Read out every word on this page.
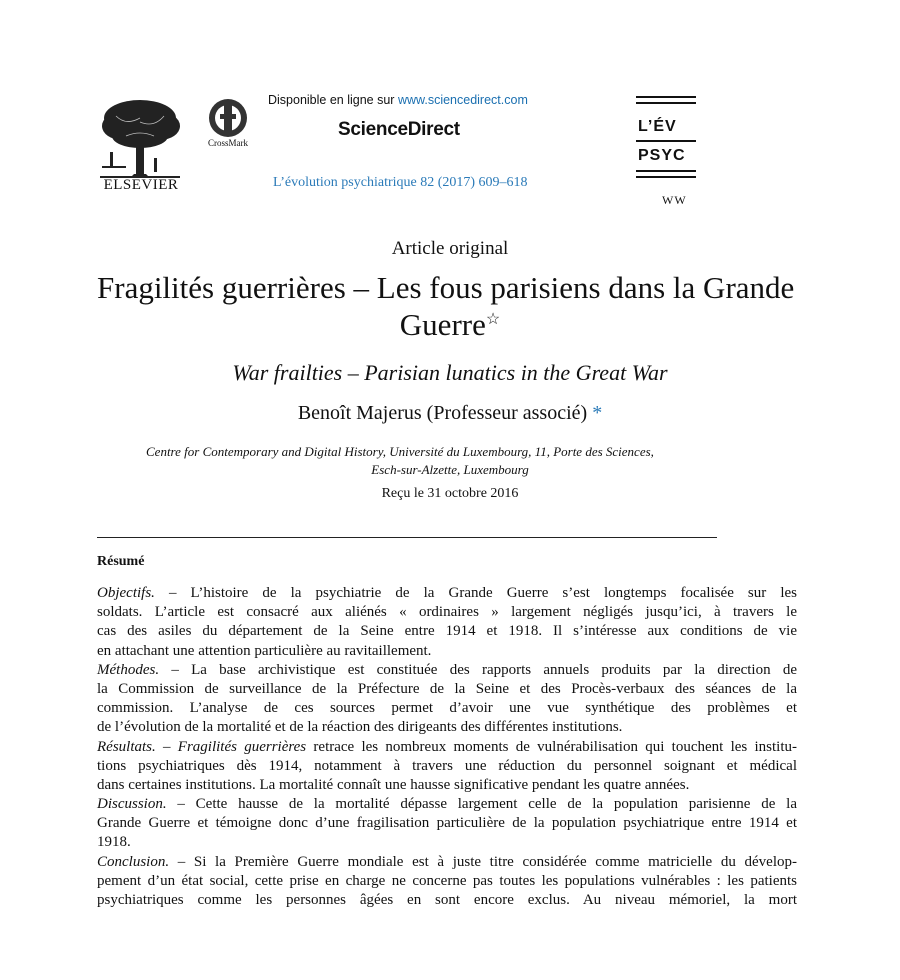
ELSEVIER
CrossMark
Disponible en ligne sur www.sciencedirect.com
ScienceDirect
L’évolution psychiatrique 82 (2017) 609–618
L’ÉV
PSYC
WW
Article original
Fragilités guerrières – Les fous parisiens dans la Grande
Guerre☆
War frailties – Parisian lunatics in the Great War
Benoît Majerus (Professeur associé) *
Centre for Contemporary and Digital History, Université du Luxembourg, 11, Porte des Sciences,
Esch-sur-Alzette, Luxembourg
Reçu le 31 octobre 2016
Résumé
Objectifs. – L’histoire de la psychiatrie de la Grande Guerre s’est longtemps focalisée sur les
soldats. L’article est consacré aux aliénés « ordinaires » largement négligés jusqu’ici, à travers le
cas des asiles du département de la Seine entre 1914 et 1918. Il s’intéresse aux conditions de vie
en attachant une attention particulière au ravitaillement.
Méthodes. – La base archivistique est constituée des rapports annuels produits par la direction de
la Commission de surveillance de la Préfecture de la Seine et des Procès-verbaux des séances de la
commission. L’analyse de ces sources permet d’avoir une vue synthétique des problèmes et
de l’évolution de la mortalité et de la réaction des dirigeants des différentes institutions.
Résultats. – Fragilités guerrières retrace les nombreux moments de vulnérabilisation qui touchent les institu-
tions psychiatriques dès 1914, notamment à travers une réduction du personnel soignant et médical
dans certaines institutions. La mortalité connaît une hausse significative pendant les quatre années.
Discussion. – Cette hausse de la mortalité dépasse largement celle de la population parisienne de la
Grande Guerre et témoigne donc d’une fragilisation particulière de la population psychiatrique entre 1914 et
1918.
Conclusion. – Si la Première Guerre mondiale est à juste titre considérée comme matricielle du dévelop-
pement d’un état social, cette prise en charge ne concerne pas toutes les populations vulnérables : les patients
psychiatriques comme les personnes âgées en sont encore exclus. Au niveau mémoriel, la mort
